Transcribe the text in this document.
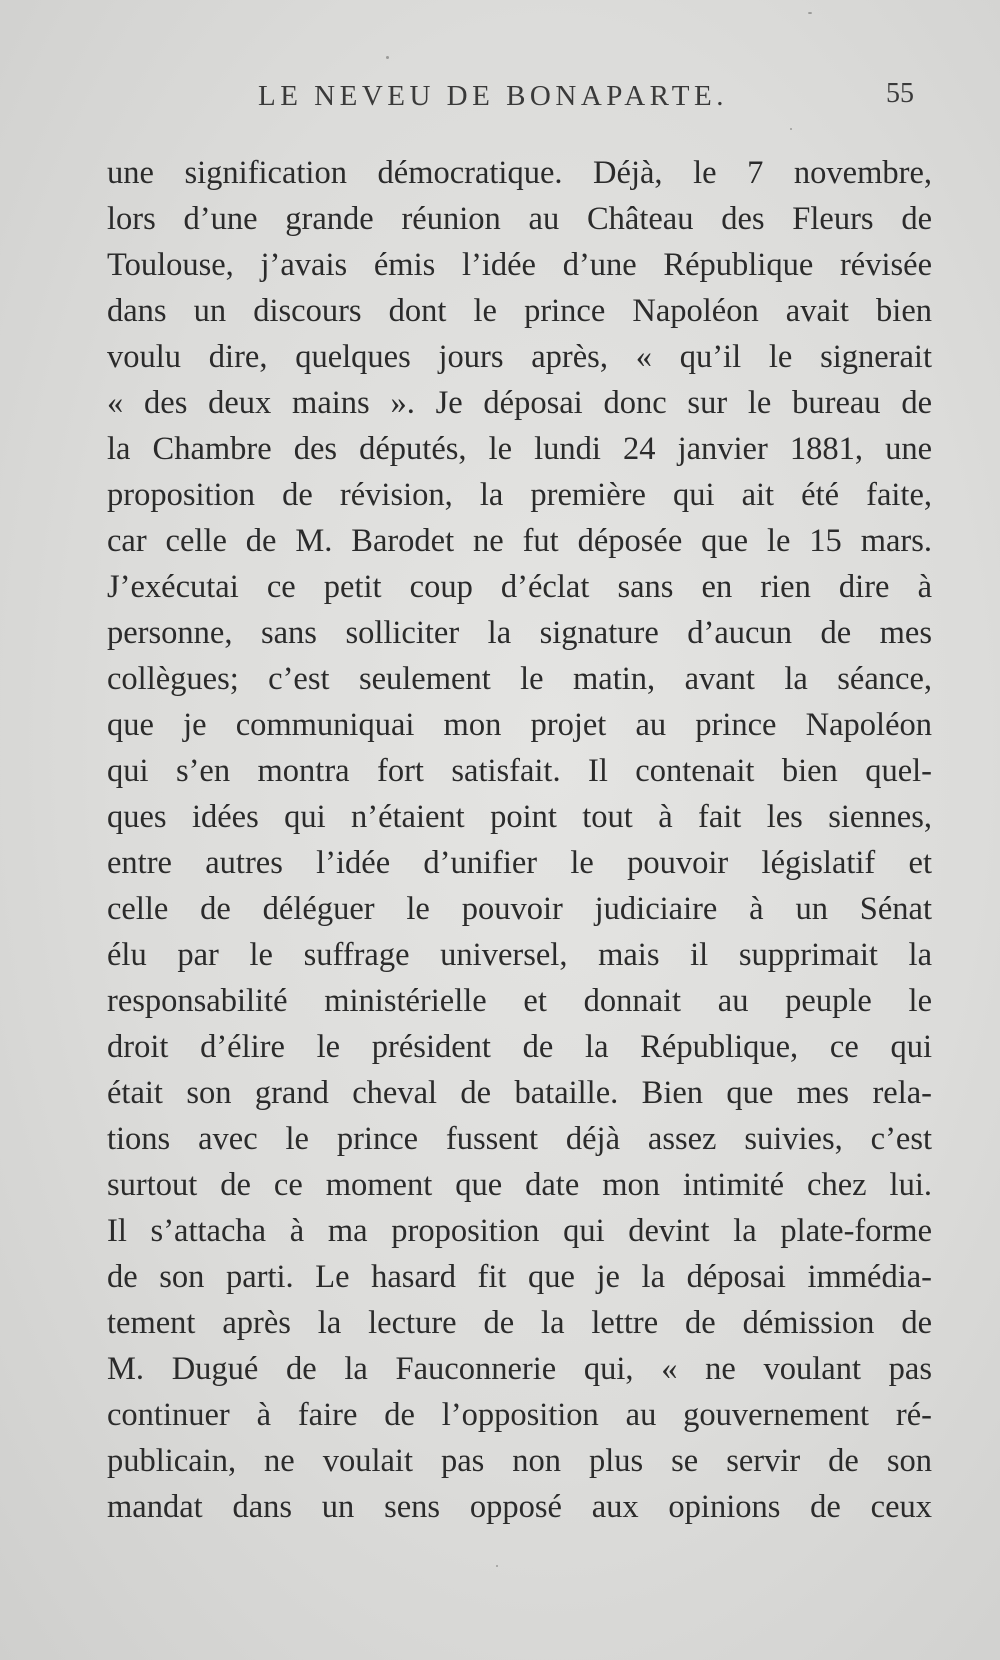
LE NEVEU DE BONAPARTE.	55
une signification démocratique. Déjà, le 7 novembre,
lors d’une grande réunion au Château des Fleurs de
Toulouse, j’avais émis l’idée d’une République révisée
dans un discours dont le prince Napoléon avait bien
voulu dire, quelques jours après, « qu’il le signerait
« des deux mains ». Je déposai donc sur le bureau de
la Chambre des députés, le lundi 24 janvier 1881, une
proposition de révision, la première qui ait été faite,
car celle de M. Barodet ne fut déposée que le 15 mars.
J’exécutai ce petit coup d’éclat sans en rien dire à
personne, sans solliciter la signature d’aucun de mes
collègues; c’est seulement le matin, avant la séance,
que je communiquai mon projet au prince Napoléon
qui s’en montra fort satisfait. Il contenait bien quel-
ques idées qui n’étaient point tout à fait les siennes,
entre autres l’idée d’unifier le pouvoir législatif et
celle de déléguer le pouvoir judiciaire à un Sénat
élu par le suffrage universel, mais il supprimait la
responsabilité ministérielle et donnait au peuple le
droit d’élire le président de la République, ce qui
était son grand cheval de bataille. Bien que mes rela-
tions avec le prince fussent déjà assez suivies, c’est
surtout de ce moment que date mon intimité chez lui.
Il s’attacha à ma proposition qui devint la plate-forme
de son parti. Le hasard fit que je la déposai immédia-
tement après la lecture de la lettre de démission de
M. Dugué de la Fauconnerie qui, « ne voulant pas
continuer à faire de l’opposition au gouvernement ré-
publicain, ne voulait pas non plus se servir de son
mandat dans un sens opposé aux opinions de ceux
